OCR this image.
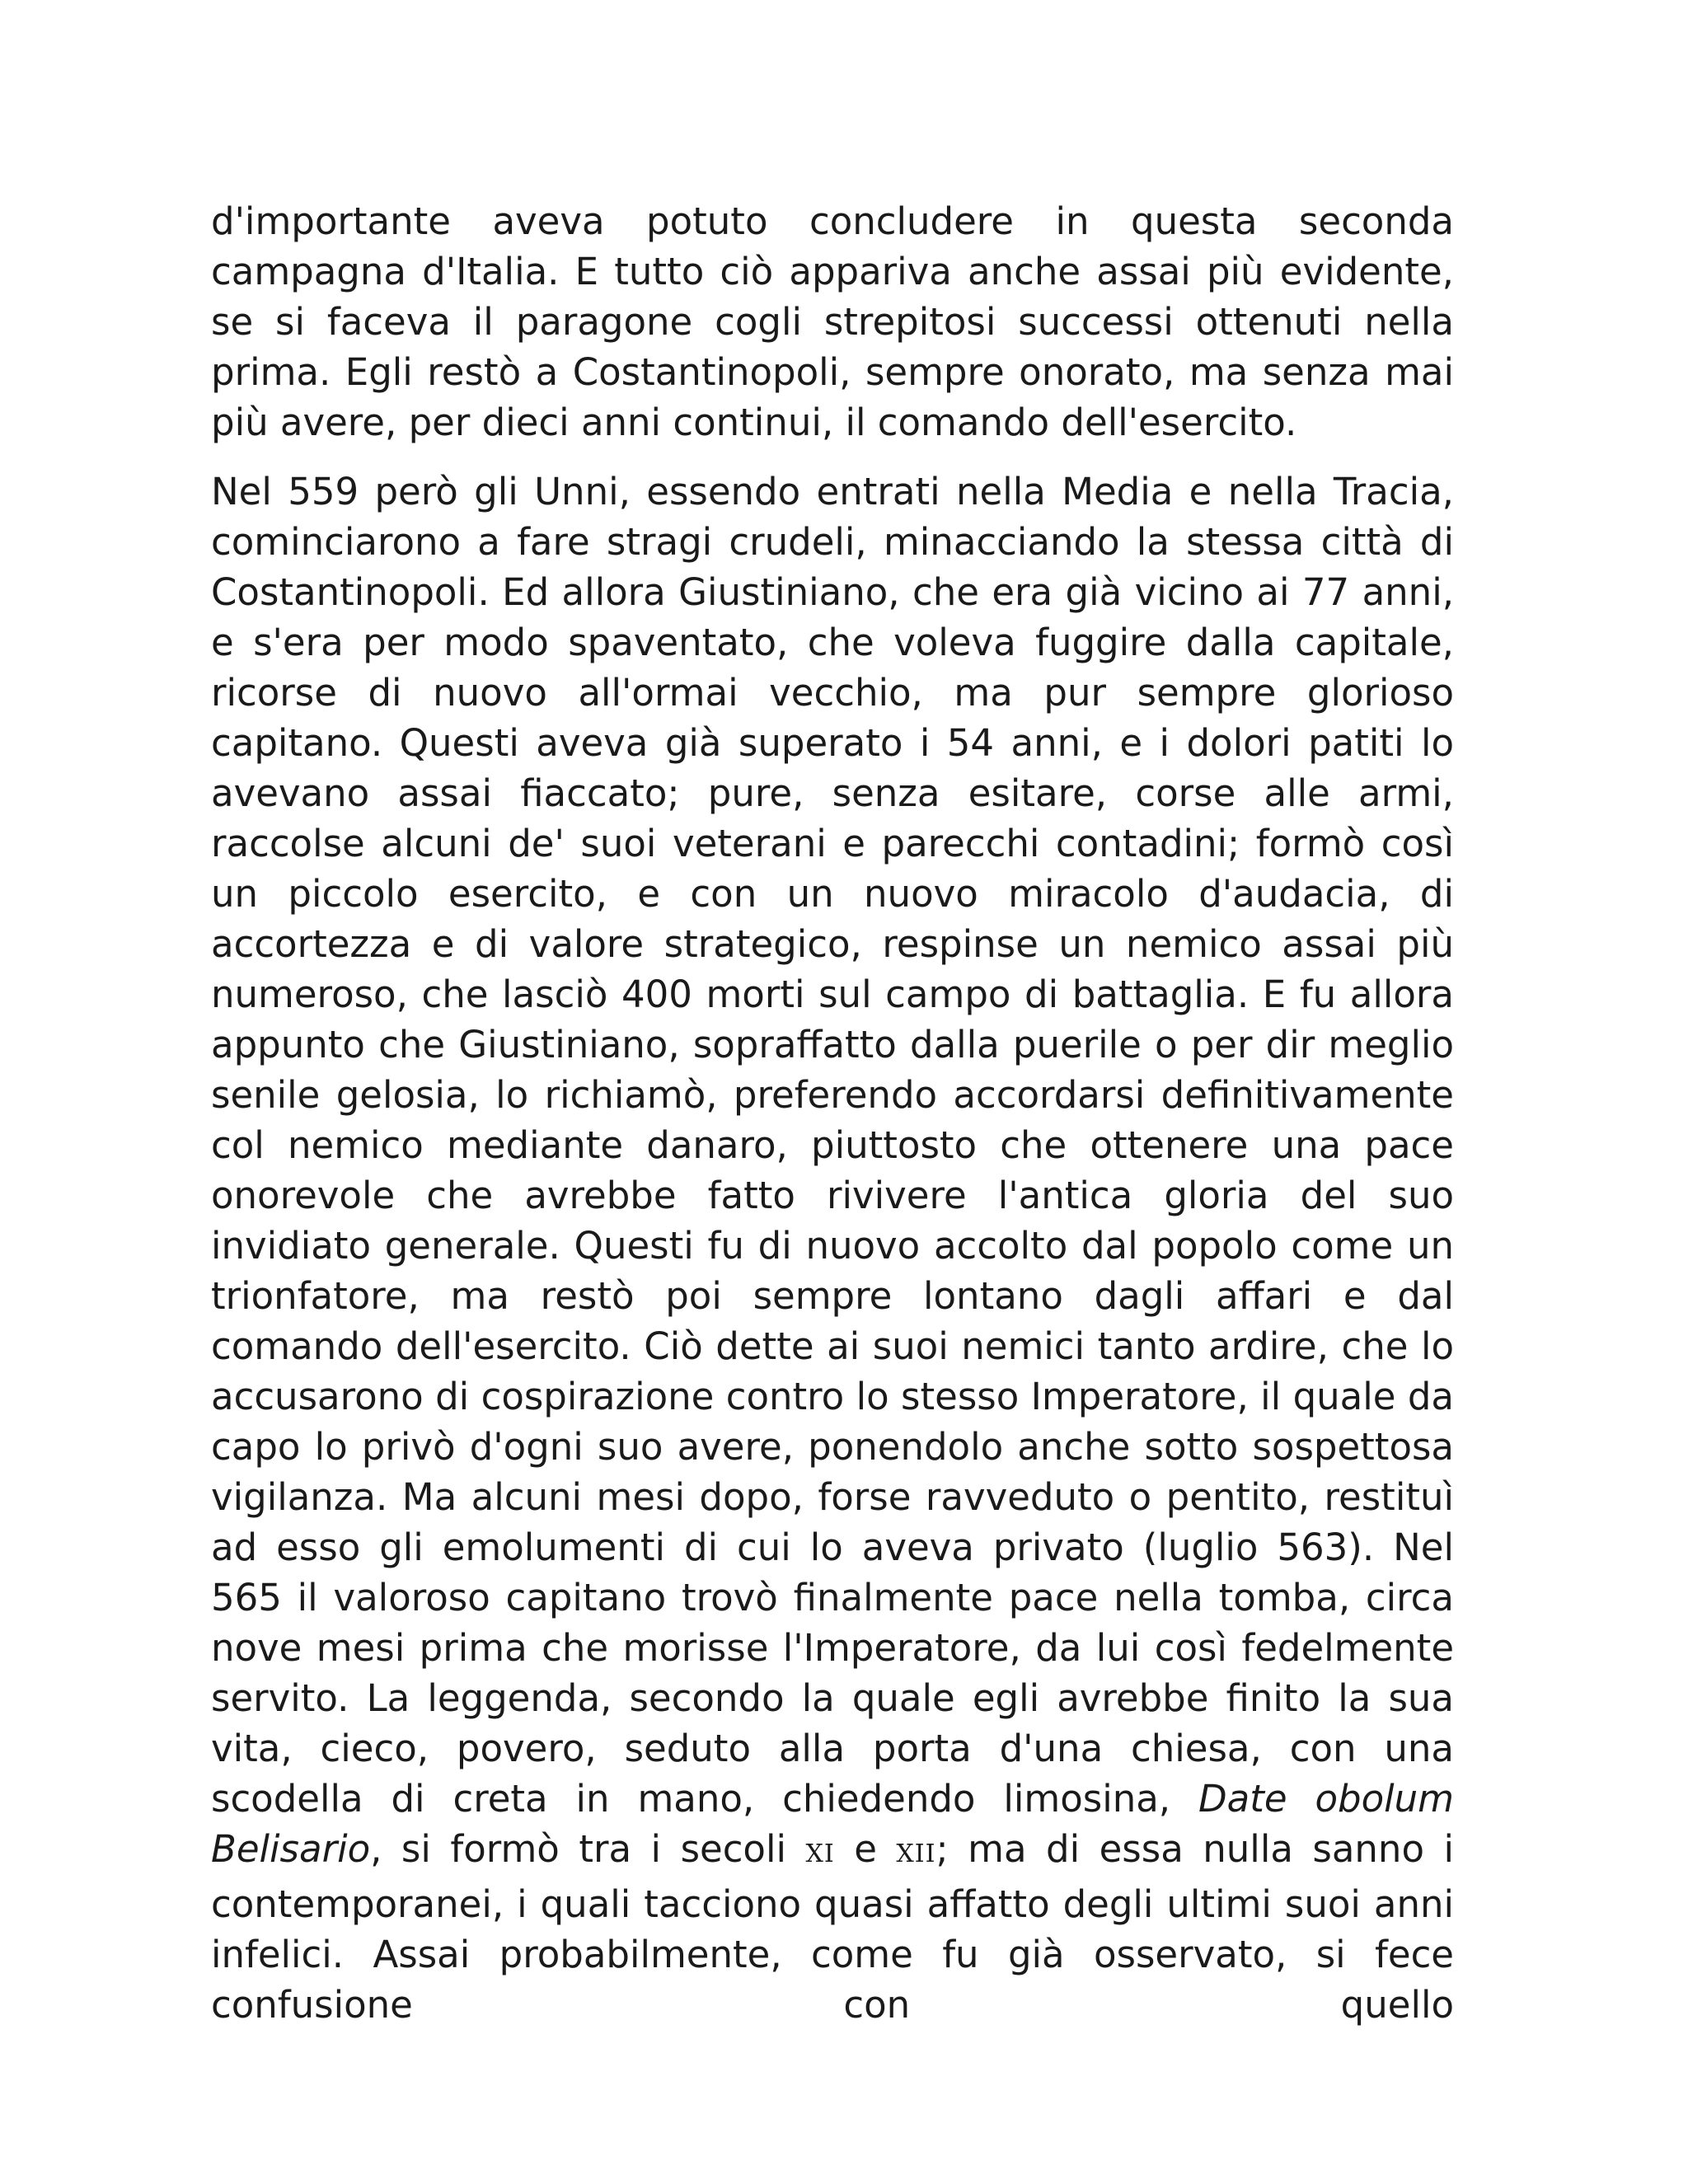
d'importante aveva potuto concludere in questa seconda campagna d'Italia. E tutto ciò appariva anche assai più evidente, se si faceva il paragone cogli strepitosi successi ottenuti nella prima. Egli restò a Costantinopoli, sempre onorato, ma senza mai più avere, per dieci anni continui, il comando dell'esercito.

Nel 559 però gli Unni, essendo entrati nella Media e nella Tracia, cominciarono a fare stragi crudeli, minacciando la stessa città di Costantinopoli. Ed allora Giustiniano, che era già vicino ai 77 anni, e s'era per modo spaventato, che voleva fuggire dalla capitale, ricorse di nuovo all'ormai vecchio, ma pur sempre glorioso capitano. Questi aveva già superato i 54 anni, e i dolori patiti lo avevano assai fiaccato; pure, senza esitare, corse alle armi, raccolse alcuni de' suoi veterani e parecchi contadini; formò così un piccolo esercito, e con un nuovo miracolo d'audacia, di accortezza e di valore strategico, respinse un nemico assai più numeroso, che lasciò 400 morti sul campo di battaglia. E fu allora appunto che Giustiniano, sopraffatto dalla puerile o per dir meglio senile gelosia, lo richiamò, preferendo accordarsi definitivamente col nemico mediante danaro, piuttosto che ottenere una pace onorevole che avrebbe fatto rivivere l'antica gloria del suo invidiato generale. Questi fu di nuovo accolto dal popolo come un trionfatore, ma restò poi sempre lontano dagli affari e dal comando dell'esercito. Ciò dette ai suoi nemici tanto ardire, che lo accusarono di cospirazione contro lo stesso Imperatore, il quale da capo lo privò d'ogni suo avere, ponendolo anche sotto sospettosa vigilanza. Ma alcuni mesi dopo, forse ravveduto o pentito, restituì ad esso gli emolumenti di cui lo aveva privato (luglio 563). Nel 565 il valoroso capitano trovò finalmente pace nella tomba, circa nove mesi prima che morisse l'Imperatore, da lui così fedelmente servito. La leggenda, secondo la quale egli avrebbe finito la sua vita, cieco, povero, seduto alla porta d'una chiesa, con una scodella di creta in mano, chiedendo limosina, Date obolum Belisario, si formò tra i secoli XI e XII; ma di essa nulla sanno i contemporanei, i quali tacciono quasi affatto degli ultimi suoi anni infelici. Assai probabilmente, come fu già osservato, si fece confusione con quello
